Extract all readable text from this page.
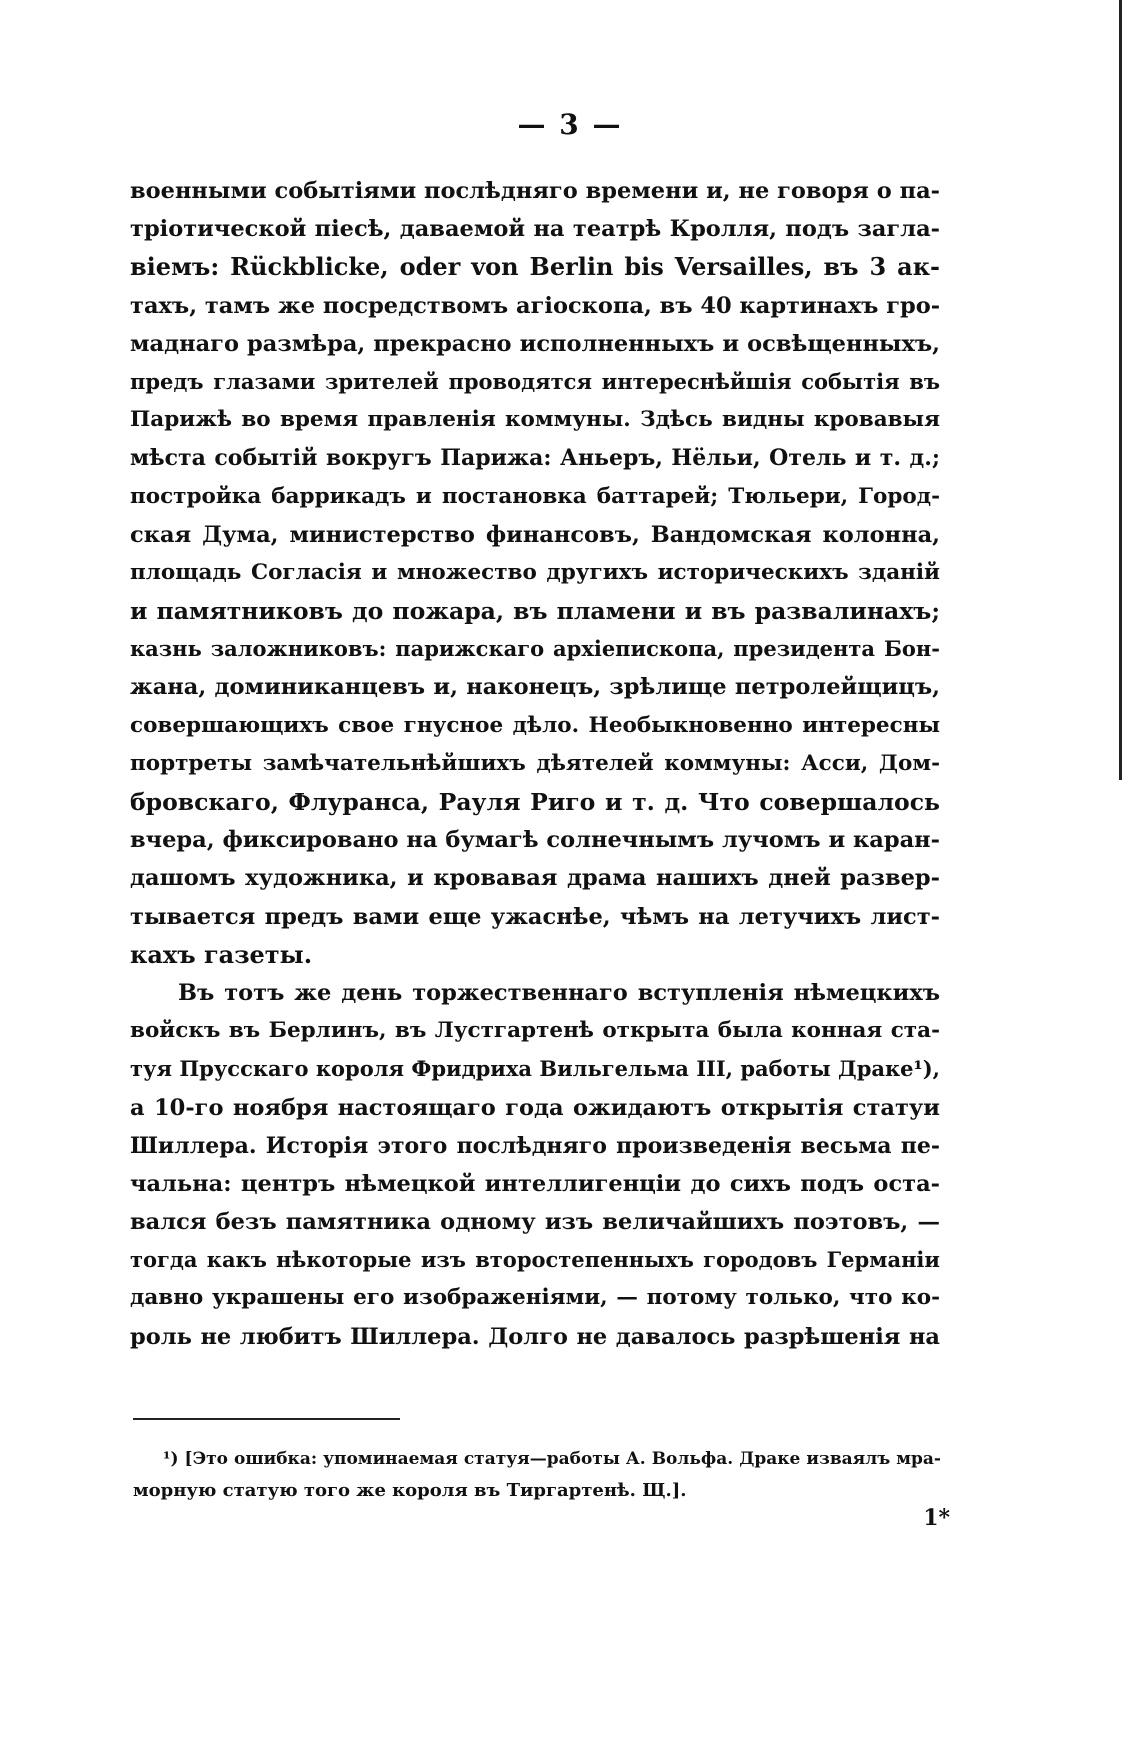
— 3 —
военными событіями послѣдняго времени и, не говоря о па-
тріотической піесѣ, даваемой на театрѣ Кролля, подъ загла-
віемъ: Rückblicke, oder von Berlin bis Versailles, въ 3 ак-
тахъ, тамъ же посредствомъ агіоскопа, въ 40 картинахъ гро-
маднаго размѣра, прекрасно исполненныхъ и освѣщенныхъ,
предъ глазами зрителей проводятся интереснѣйшія событія въ
Парижѣ во время правленія коммуны. Здѣсь видны кровавыя
мѣста событій вокругъ Парижа: Аньеръ, Нёльи, Отель и т. д.;
постройка баррикадъ и постановка баттарей; Тюльери, Город-
ская Дума, министерство финансовъ, Вандомская колонна,
площадь Согласія и множество другихъ историческихъ зданій
и памятниковъ до пожара, въ пламени и въ развалинахъ;
казнь заложниковъ: парижскаго архіепископа, президента Бон-
жана, доминиканцевъ и, наконецъ, зрѣлище петролейщицъ,
совершающихъ свое гнусное дѣло. Необыкновенно интересны
портреты замѣчательнѣйшихъ дѣятелей коммуны: Асси, Дом-
бровскаго, Флуранса, Рауля Риго и т. д. Что совершалось
вчера, фиксировано на бумагѣ солнечнымъ лучомъ и каран-
дашомъ художника, и кровавая драма нашихъ дней развер-
тывается предъ вами еще ужаснѣе, чѣмъ на летучихъ лист-
кахъ газеты.
Въ тотъ же день торжественнаго вступленія нѣмецкихъ
войскъ въ Берлинъ, въ Лустгартенѣ открыта была конная ста-
туя Прусскаго короля Фридриха Вильгельма III, работы Драке¹),
а 10-го ноября настоящаго года ожидаютъ открытія статуи
Шиллера. Исторія этого послѣдняго произведенія весьма пе-
чальна: центръ нѣмецкой интеллигенціи до сихъ подъ оста-
вался безъ памятника одному изъ величайшихъ поэтовъ, —
тогда какъ нѣкоторые изъ второстепенныхъ городовъ Германіи
давно украшены его изображеніями, — потому только, что ко-
роль не любитъ Шиллера. Долго не давалось разрѣшенія на
¹) [Это ошибка: упоминаемая статуя—работы А. Вольфа. Драке изваялъ мра-
морную статую того же короля въ Тиргартенѣ. Щ.].
1*
